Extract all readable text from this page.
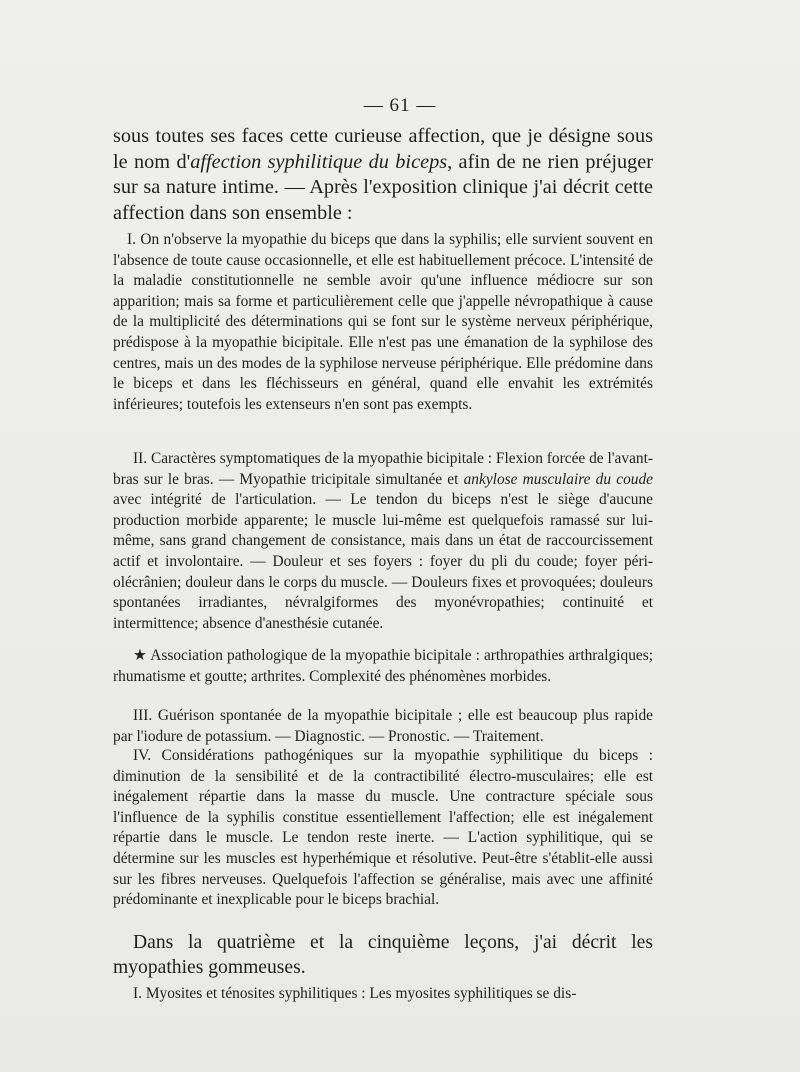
— 61 —
sous toutes ses faces cette curieuse affection, que je désigne sous le nom d'affection syphilitique du biceps, afin de ne rien préjuger sur sa nature intime. — Après l'exposition clinique j'ai décrit cette affection dans son ensemble :
I. On n'observe la myopathie du biceps que dans la syphilis; elle survient souvent en l'absence de toute cause occasionnelle, et elle est habituellement précoce. L'intensité de la maladie constitutionnelle ne semble avoir qu'une influence médiocre sur son apparition; mais sa forme et particulièrement celle que j'appelle névropathique à cause de la multiplicité des déterminations qui se font sur le système nerveux périphérique, prédispose à la myopathie bicipitale. Elle n'est pas une émanation de la syphilose des centres, mais un des modes de la syphilose nerveuse périphérique. Elle prédomine dans le biceps et dans les fléchisseurs en général, quand elle envahit les extrémités inférieures; toutefois les extenseurs n'en sont pas exempts.
II. Caractères symptomatiques de la myopathie bicipitale : Flexion forcée de l'avant-bras sur le bras. — Myopathie tricipitale simultanée et ankylose musculaire du coude avec intégrité de l'articulation. — Le tendon du biceps n'est le siège d'aucune production morbide apparente; le muscle lui-même est quelquefois ramassé sur lui-même, sans grand changement de consistance, mais dans un état de raccourcissement actif et involontaire. — Douleur et ses foyers : foyer du pli du coude; foyer péri-olécrânien; douleur dans le corps du muscle. — Douleurs fixes et provoquées; douleurs spontanées irradiantes, névralgiformes des myonévropathies; continuité et intermittence; absence d'anesthésie cutanée.
★ Association pathologique de la myopathie bicipitale : arthropathies arthralgiques; rhumatisme et goutte; arthrites. Complexité des phénomènes morbides.
III. Guérison spontanée de la myopathie bicipitale ; elle est beaucoup plus rapide par l'iodure de potassium. — Diagnostic. — Pronostic. — Traitement.
IV. Considérations pathogéniques sur la myopathie syphilitique du biceps : diminution de la sensibilité et de la contractibilité électro-musculaires; elle est inégalement répartie dans la masse du muscle. Une contracture spéciale sous l'influence de la syphilis constitue essentiellement l'affection; elle est inégalement répartie dans le muscle. Le tendon reste inerte. — L'action syphilitique, qui se détermine sur les muscles est hyperhémique et résolutive. Peut-être s'établit-elle aussi sur les fibres nerveuses. Quelquefois l'affection se généralise, mais avec une affinité prédominante et inexplicable pour le biceps brachial.
Dans la quatrième et la cinquième leçons, j'ai décrit les myopathies gommeuses.
I. Myosites et ténosites syphilitiques : Les myosites syphilitiques se dis-
